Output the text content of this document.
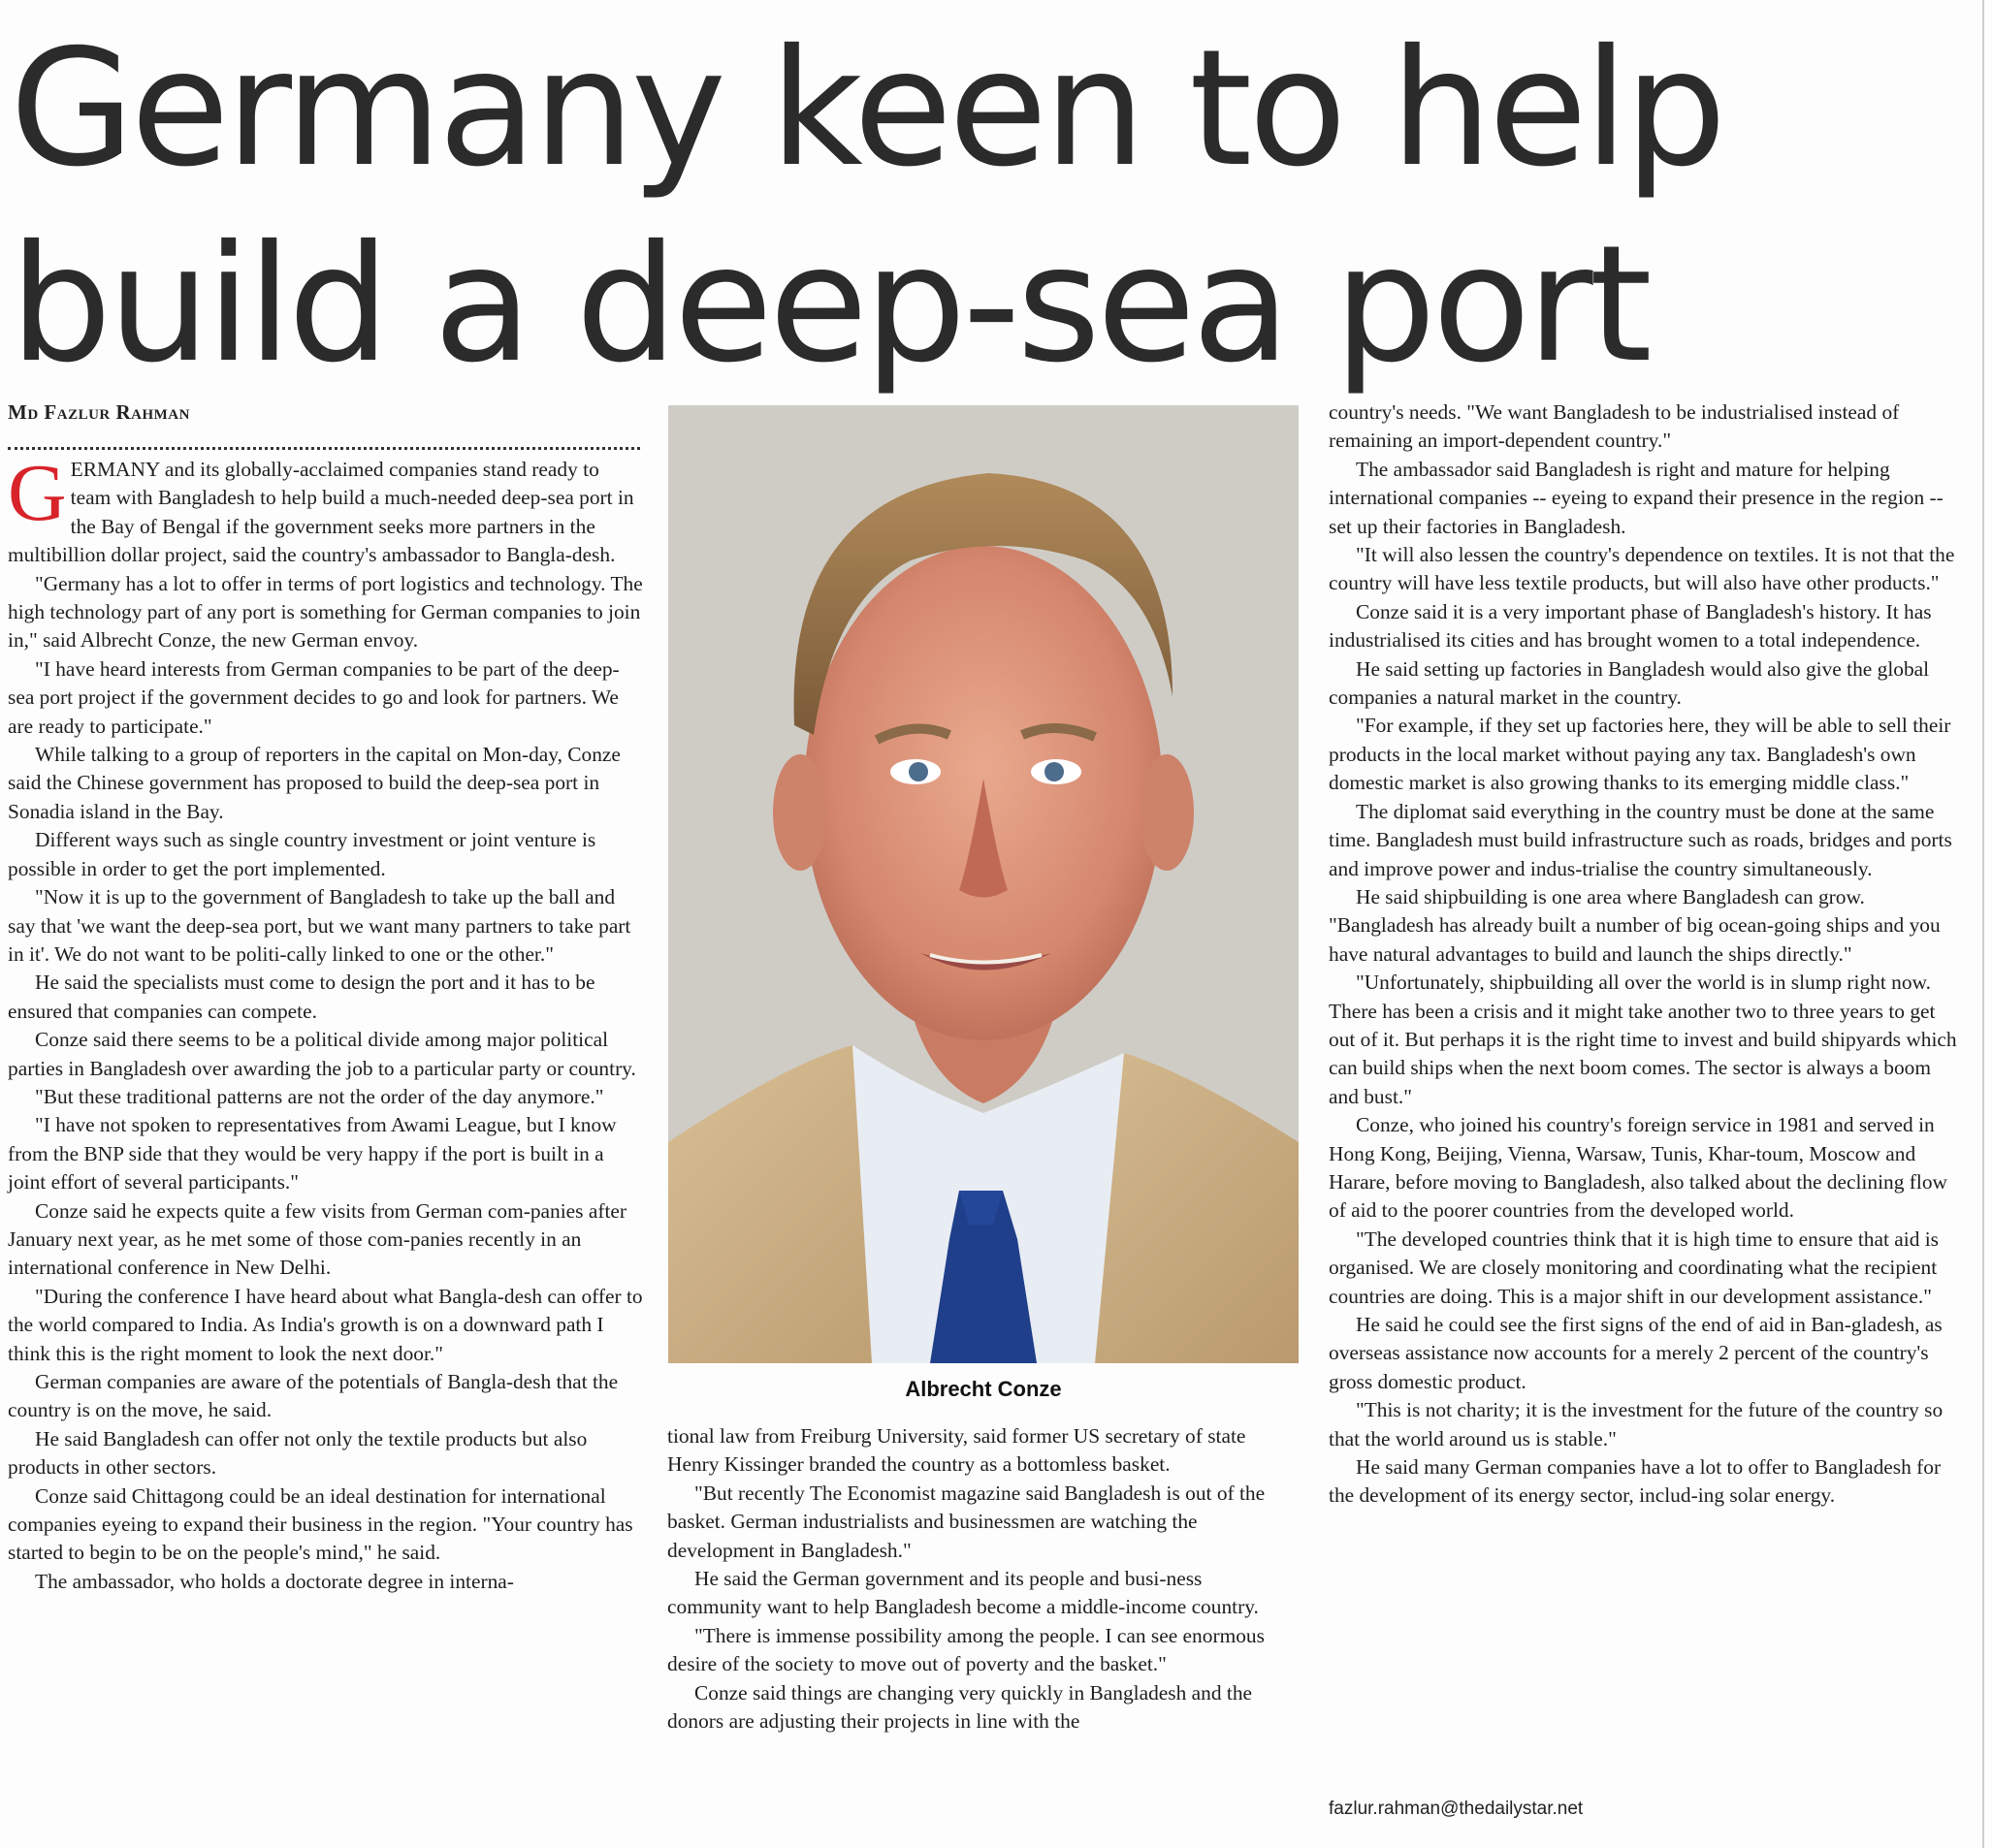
Germany keen to help
build a deep-sea port
Md Fazlur Rahman

GERMANY and its globally-acclaimed companies stand ready to team with Bangladesh to help build a much-needed deep-sea port in the Bay of Bengal if the government seeks more partners in the multibillion dollar project, said the country's ambassador to Bangla-desh.

"Germany has a lot to offer in terms of port logistics and technology. The high technology part of any port is something for German companies to join in," said Albrecht Conze, the new German envoy.

"I have heard interests from German companies to be part of the deep-sea port project if the government decides to go and look for partners. We are ready to participate."

While talking to a group of reporters in the capital on Mon-day, Conze said the Chinese government has proposed to build the deep-sea port in Sonadia island in the Bay.

Different ways such as single country investment or joint venture is possible in order to get the port implemented.

"Now it is up to the government of Bangladesh to take up the ball and say that 'we want the deep-sea port, but we want many partners to take part in it'. We do not want to be politi-cally linked to one or the other."

He said the specialists must come to design the port and it has to be ensured that companies can compete.

Conze said there seems to be a political divide among major political parties in Bangladesh over awarding the job to a particular party or country.

"But these traditional patterns are not the order of the day anymore."

"I have not spoken to representatives from Awami League, but I know from the BNP side that they would be very happy if the port is built in a joint effort of several participants."

Conze said he expects quite a few visits from German com-panies after January next year, as he met some of those com-panies recently in an international conference in New Delhi.

"During the conference I have heard about what Bangla-desh can offer to the world compared to India. As India's growth is on a downward path I think this is the right moment to look the next door."

German companies are aware of the potentials of Bangla-desh that the country is on the move, he said.

He said Bangladesh can offer not only the textile products but also products in other sectors.

Conze said Chittagong could be an ideal destination for international companies eyeing to expand their business in the region. "Your country has started to begin to be on the people's mind," he said.

The ambassador, who holds a doctorate degree in interna-

Albrecht Conze

tional law from Freiburg University, said former US secretary of state Henry Kissinger branded the country as a bottomless basket.

"But recently The Economist magazine said Bangladesh is out of the basket. German industrialists and businessmen are watching the development in Bangladesh."

He said the German government and its people and busi-ness community want to help Bangladesh become a middle-income country.

"There is immense possibility among the people. I can see enormous desire of the society to move out of poverty and the basket."

Conze said things are changing very quickly in Bangladesh and the donors are adjusting their projects in line with the

country's needs. "We want Bangladesh to be industrialised instead of remaining an import-dependent country."

The ambassador said Bangladesh is right and mature for helping international companies -- eyeing to expand their presence in the region -- set up their factories in Bangladesh.

"It will also lessen the country's dependence on textiles. It is not that the country will have less textile products, but will also have other products."

Conze said it is a very important phase of Bangladesh's history. It has industrialised its cities and has brought women to a total independence.

He said setting up factories in Bangladesh would also give the global companies a natural market in the country.

"For example, if they set up factories here, they will be able to sell their products in the local market without paying any tax. Bangladesh's own domestic market is also growing thanks to its emerging middle class."

The diplomat said everything in the country must be done at the same time. Bangladesh must build infrastructure such as roads, bridges and ports and improve power and indus-trialise the country simultaneously.

He said shipbuilding is one area where Bangladesh can grow. "Bangladesh has already built a number of big ocean-going ships and you have natural advantages to build and launch the ships directly."

"Unfortunately, shipbuilding all over the world is in slump right now. There has been a crisis and it might take another two to three years to get out of it. But perhaps it is the right time to invest and build shipyards which can build ships when the next boom comes. The sector is always a boom and bust."

Conze, who joined his country's foreign service in 1981 and served in Hong Kong, Beijing, Vienna, Warsaw, Tunis, Khar-toum, Moscow and Harare, before moving to Bangladesh, also talked about the declining flow of aid to the poorer countries from the developed world.

"The developed countries think that it is high time to ensure that aid is organised. We are closely monitoring and coordinating what the recipient countries are doing. This is a major shift in our development assistance."

He said he could see the first signs of the end of aid in Ban-gladesh, as overseas assistance now accounts for a merely 2 percent of the country's gross domestic product.

"This is not charity; it is the investment for the future of the country so that the world around us is stable."

He said many German companies have a lot to offer to Bangladesh for the development of its energy sector, includ-ing solar energy.

fazlur.rahman@thedailystar.net
